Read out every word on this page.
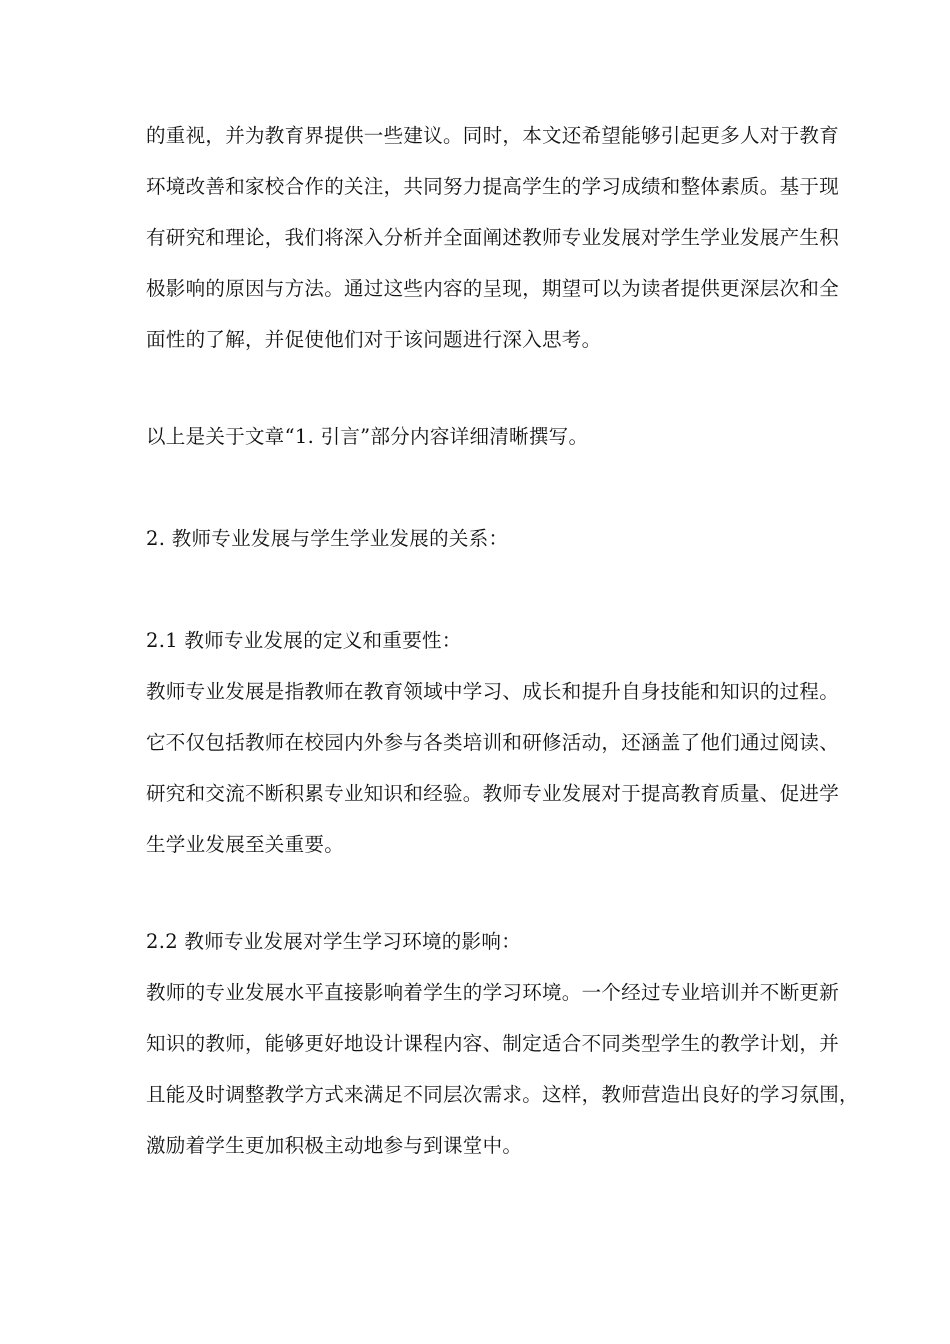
的重视，并为教育界提供一些建议。同时，本文还希望能够引起更多人对于教育
环境改善和家校合作的关注，共同努力提高学生的学习成绩和整体素质。基于现
有研究和理论，我们将深入分析并全面阐述教师专业发展对学生学业发展产生积
极影响的原因与方法。通过这些内容的呈现，期望可以为读者提供更深层次和全
面性的了解，并促使他们对于该问题进行深入思考。
以上是关于文章“1. 引言”部分内容详细清晰撰写。
2. 教师专业发展与学生学业发展的关系：
2.1 教师专业发展的定义和重要性：
教师专业发展是指教师在教育领域中学习、成长和提升自身技能和知识的过程。
它不仅包括教师在校园内外参与各类培训和研修活动，还涵盖了他们通过阅读、
研究和交流不断积累专业知识和经验。教师专业发展对于提高教育质量、促进学
生学业发展至关重要。
2.2 教师专业发展对学生学习环境的影响：
教师的专业发展水平直接影响着学生的学习环境。一个经过专业培训并不断更新
知识的教师，能够更好地设计课程内容、制定适合不同类型学生的教学计划，并
且能及时调整教学方式来满足不同层次需求。这样，教师营造出良好的学习氛围，
激励着学生更加积极主动地参与到课堂中。
